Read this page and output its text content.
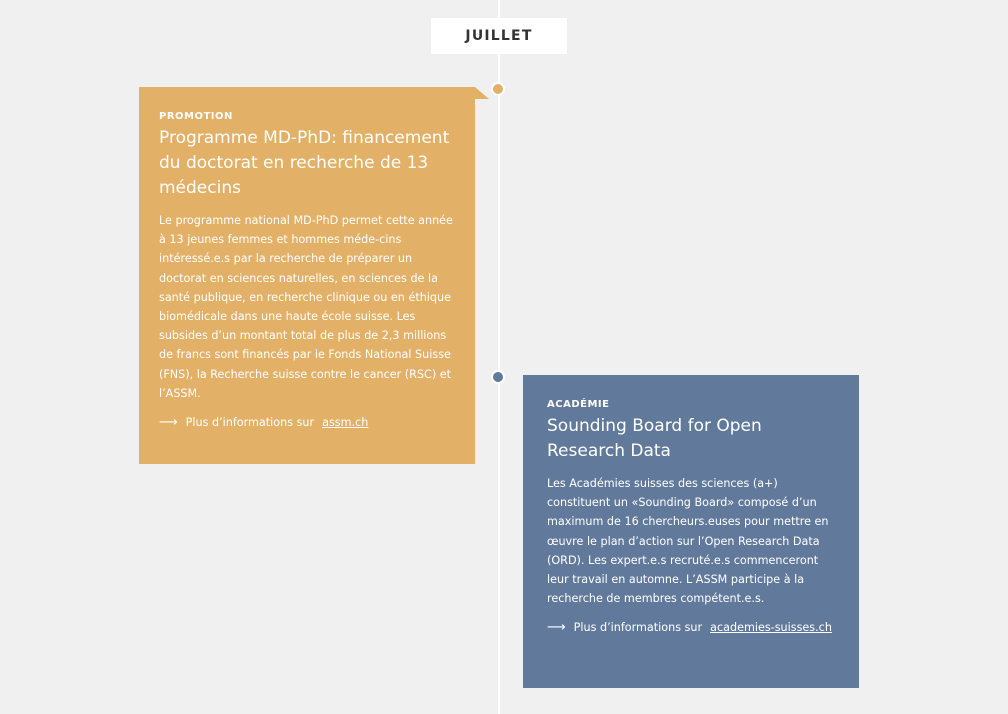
JUILLET
PROMOTION
Programme MD-PhD: financement du doctorat en recherche de 13 médecins

Le programme national MD-PhD permet cette année à 13 jeunes femmes et hommes méde-cins intéressé.e.s par la recherche de préparer un doctorat en sciences naturelles, en sciences de la santé publique, en recherche clinique ou en éthique biomédicale dans une haute école suisse. Les subsides d’un montant total de plus de 2,3 millions de francs sont financés par le Fonds National Suisse (FNS), la Recherche suisse contre le cancer (RSC) et l’ASSM.

⟶ Plus d’informations sur assm.ch
ACADÉMIE
Sounding Board for Open Research Data

Les Académies suisses des sciences (a+) constituent un «Sounding Board» composé d’un maximum de 16 chercheurs.euses pour mettre en œuvre le plan d’action sur l’Open Research Data (ORD). Les expert.e.s recruté.e.s commenceront leur travail en automne. L’ASSM participe à la recherche de membres compétent.e.s.

⟶ Plus d’informations sur academies-suisses.ch
